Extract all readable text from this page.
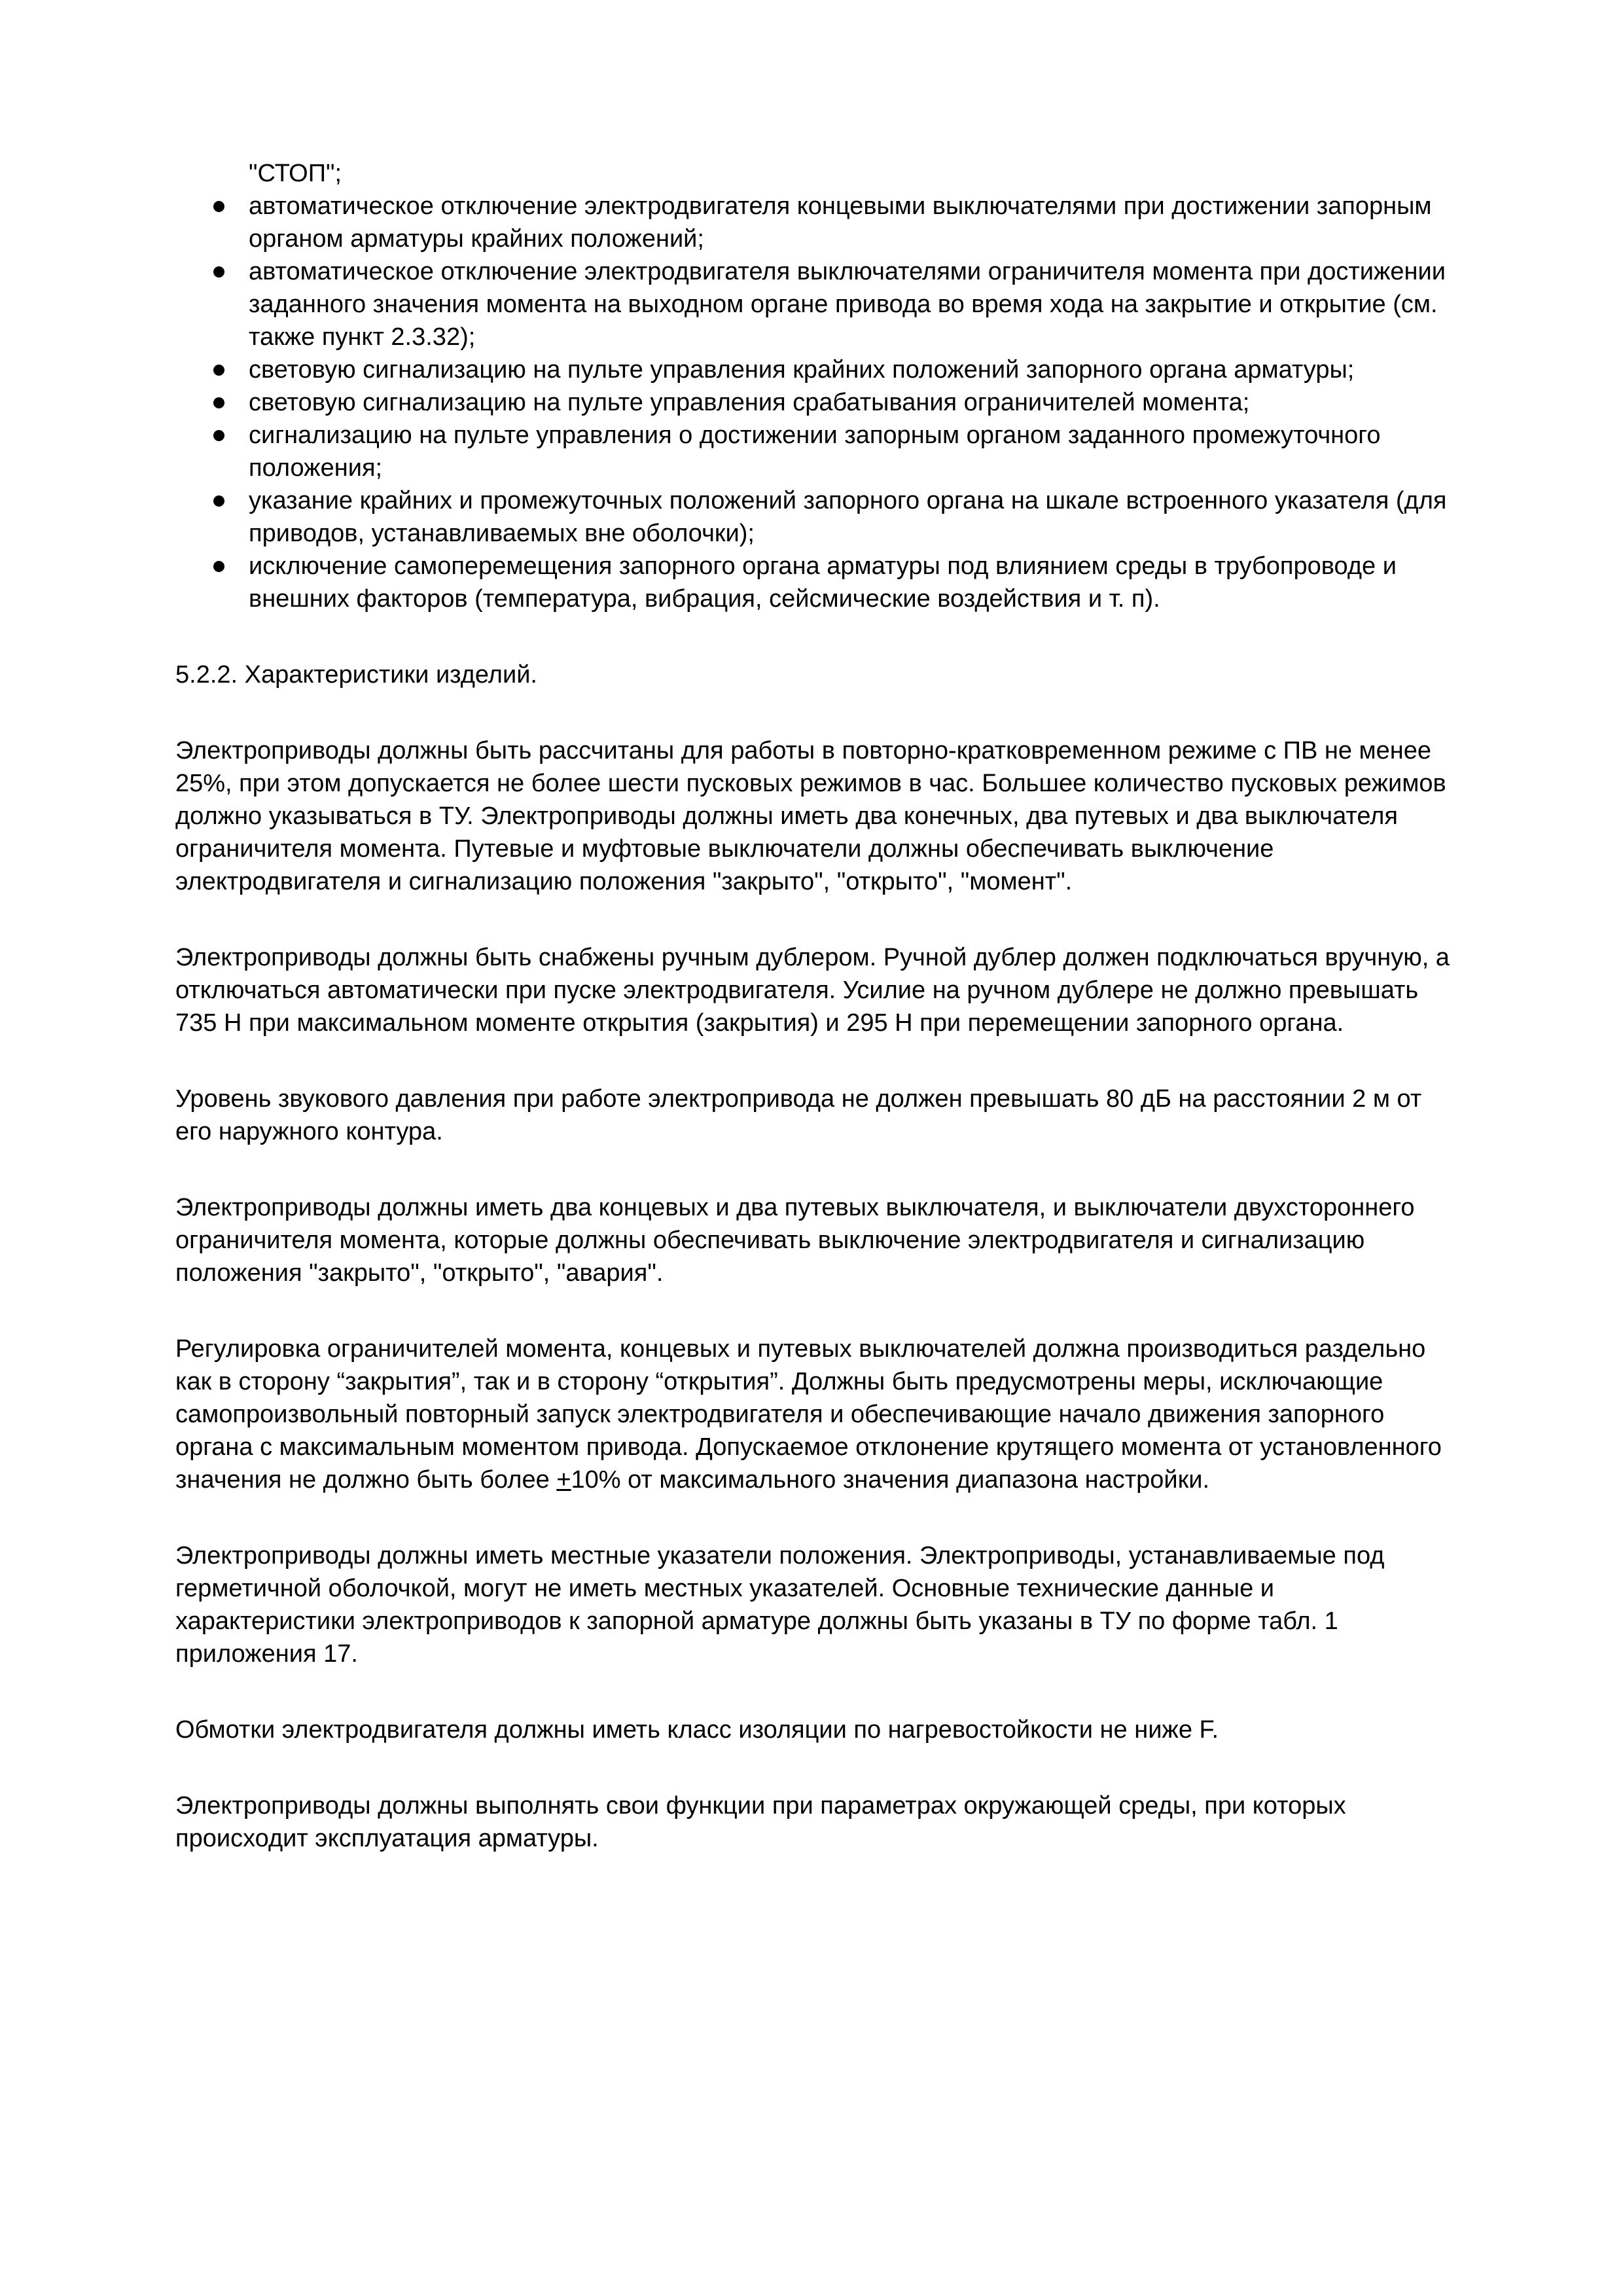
"СТОП";
автоматическое отключение электродвигателя концевыми выключателями при достижении запорным органом арматуры крайних положений;
автоматическое отключение электродвигателя выключателями ограничителя момента при достижении заданного значения момента на выходном органе привода во время хода на закрытие и открытие (см. также пункт 2.3.32);
световую сигнализацию на пульте управления крайних положений запорного органа арматуры;
световую сигнализацию на пульте управления срабатывания ограничителей момента;
сигнализацию на пульте управления о достижении запорным органом заданного промежуточного положения;
указание крайних и промежуточных положений запорного органа на шкале встроенного указателя (для приводов, устанавливаемых вне оболочки);
исключение самоперемещения запорного органа арматуры под влиянием среды в трубопроводе и внешних факторов (температура, вибрация, сейсмические воздействия и т. п).
5.2.2. Характеристики изделий.

Электроприводы должны быть рассчитаны для работы в повторно-кратковременном режиме с ПВ не менее 25%, при этом допускается не более шести пусковых режимов в час. Большее количество пусковых режимов должно указываться в ТУ. Электроприводы должны иметь два конечных, два путевых и два выключателя ограничителя момента. Путевые и муфтовые выключатели должны обеспечивать выключение электродвигателя и сигнализацию положения "закрыто", "открыто", "момент".

Электроприводы должны быть снабжены ручным дублером. Ручной дублер должен подключаться вручную, а отключаться автоматически при пуске электродвигателя. Усилие на ручном дублере не должно превышать 735 Н при максимальном моменте открытия (закрытия) и 295 Н при перемещении запорного органа.

Уровень звукового давления при работе электропривода не должен превышать 80 дБ на расстоянии 2 м от его наружного контура.

Электроприводы должны иметь два концевых и два путевых выключателя, и выключатели двухстороннего ограничителя момента, которые должны обеспечивать выключение электродвигателя и сигнализацию положения "закрыто", "открыто", "авария".

Регулировка ограничителей момента, концевых и путевых выключателей должна производиться раздельно как в сторону “закрытия”, так и в сторону “открытия”. Должны быть предусмотрены меры, исключающие самопроизвольный повторный запуск электродвигателя и обеспечивающие начало движения запорного органа с максимальным моментом привода. Допускаемое отклонение крутящего момента от установленного значения не должно быть более +10% от максимального значения диапазона настройки.

Электроприводы должны иметь местные указатели положения. Электроприводы, устанавливаемые под герметичной оболочкой, могут не иметь местных указателей. Основные технические данные и характеристики электроприводов к запорной арматуре должны быть указаны в ТУ по форме табл. 1 приложения 17.

Обмотки электродвигателя должны иметь класс изоляции по нагревостойкости не ниже F.

Электроприводы должны выполнять свои функции при параметрах окружающей среды, при которых происходит эксплуатация арматуры.
